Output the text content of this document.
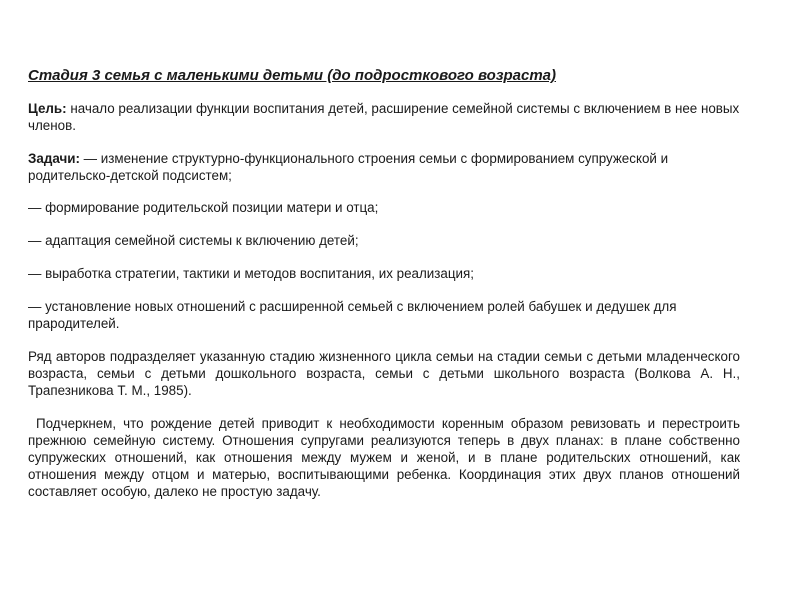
Стадия 3 семья с маленькими детьми (до подросткового возраста)

Цель: начало реализации функции воспитания детей, расширение семейной системы с включением в нее новых членов.

Задачи: — изменение структурно-функционального строения семьи с формированием супружеской и родительско-детской подсистем;

— формирование родительской позиции матери и отца;

— адаптация семейной системы к включению детей;

— выработка стратегии, тактики и методов воспитания, их реализация;

— установление новых отношений с расширенной семьей с включением ролей бабушек и дедушек для прародителей.

Ряд авторов подразделяет указанную стадию жизненного цикла семьи на стадии семьи с детьми младенческого возраста, семьи с детьми дошкольного возраста, семьи с детьми школьного возраста (Волкова А. Н., Трапезникова Т. М., 1985).

Подчеркнем, что рождение детей приводит к необходимости коренным образом ревизовать и перестроить прежнюю семейную систему. Отношения супругами реализуются теперь в двух планах: в плане собственно супружеских отношений, как отношения между мужем и женой, и в плане родительских отношений, как отношения между отцом и матерью, воспитывающими ребенка. Координация этих двух планов отношений составляет особую, далеко не простую задачу.
